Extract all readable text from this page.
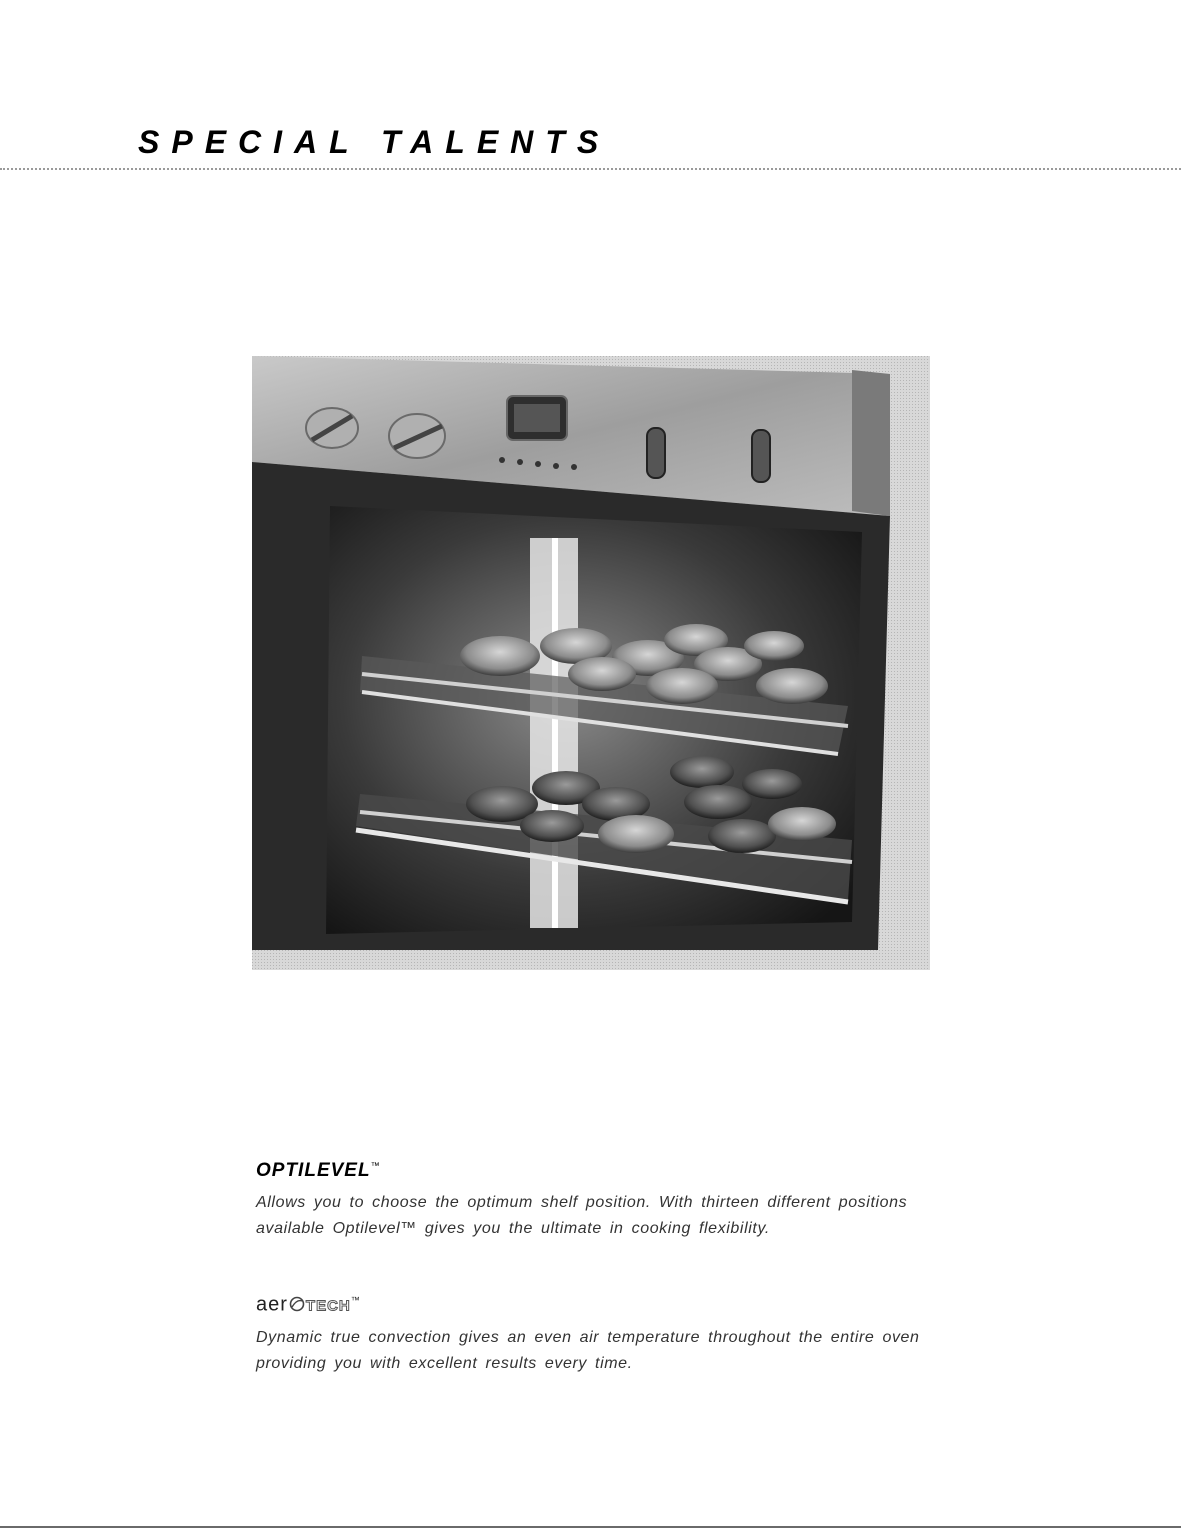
SPECIAL TALENTS

OPTILEVEL™

Allows you to choose the optimum shelf position. With thirteen different positions available Optilevel™ gives you the ultimate in cooking flexibility.

aer TECH™

Dynamic true convection gives an even air temperature throughout the entire oven providing you with excellent results every time.
